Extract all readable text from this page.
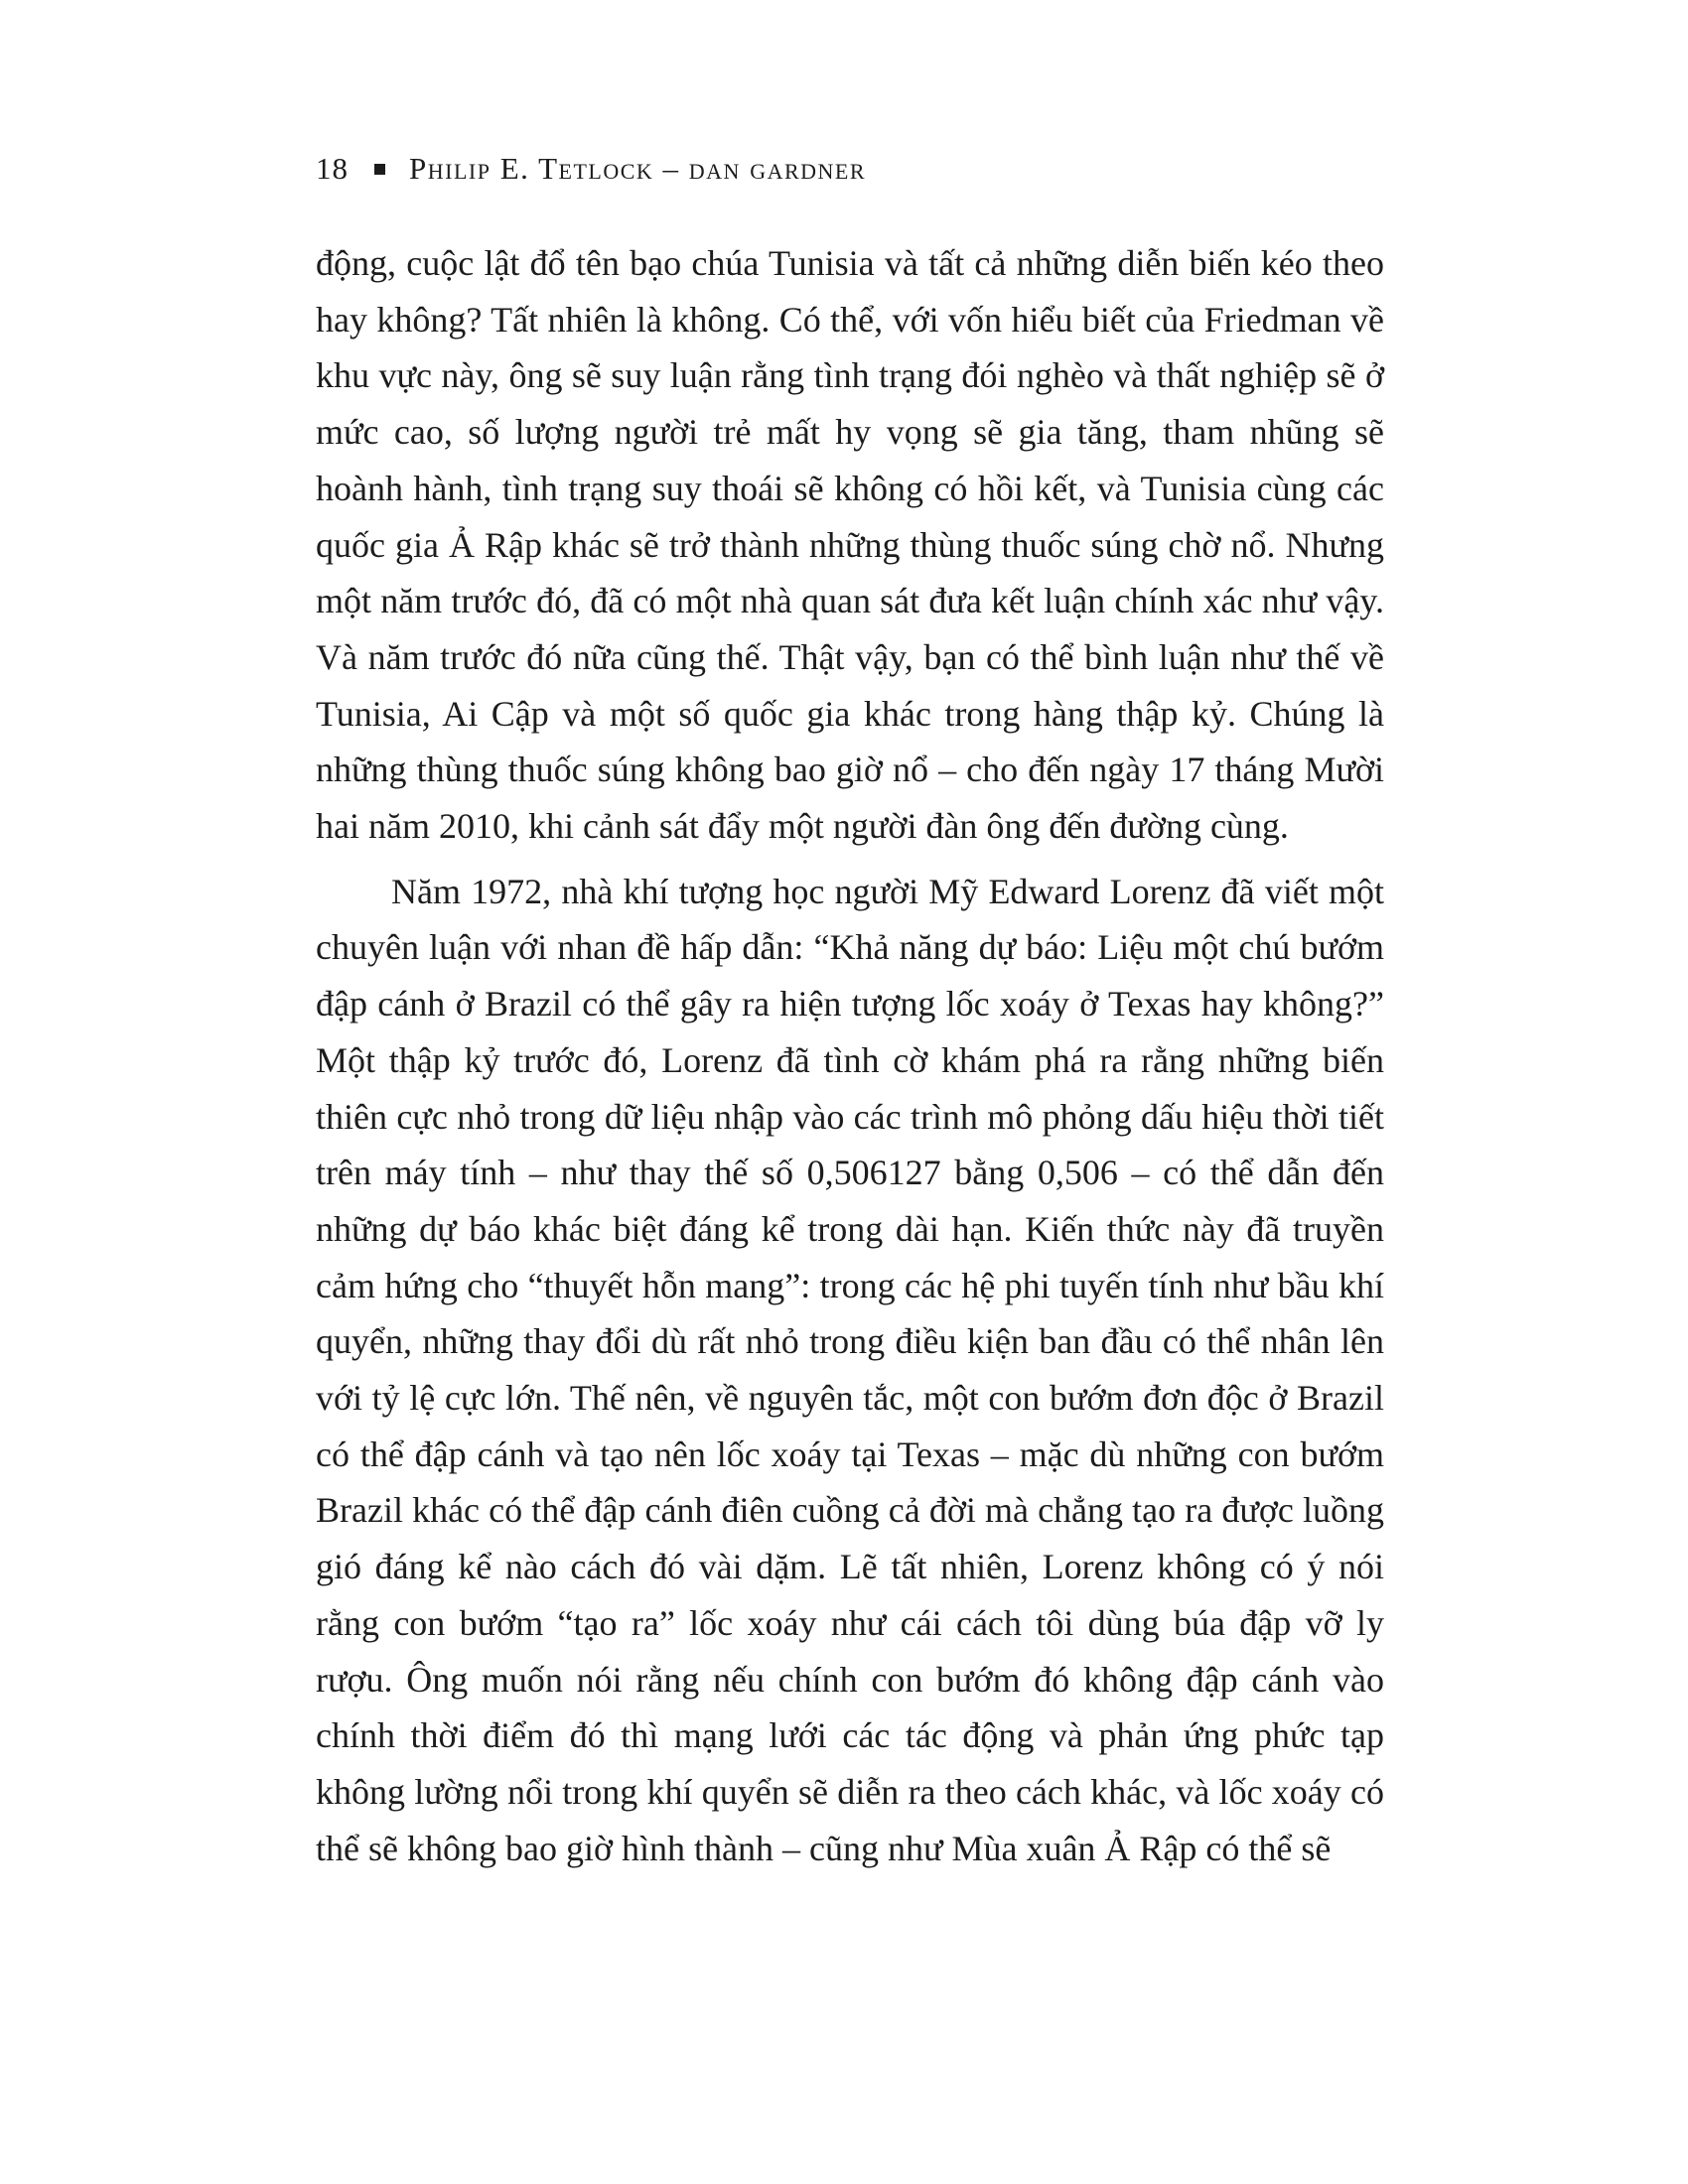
18 Philip E. Tetlock – dan gardner

động, cuộc lật đổ tên bạo chúa Tunisia và tất cả những diễn biến kéo theo hay không? Tất nhiên là không. Có thể, với vốn hiểu biết của Friedman về khu vực này, ông sẽ suy luận rằng tình trạng đói nghèo và thất nghiệp sẽ ở mức cao, số lượng người trẻ mất hy vọng sẽ gia tăng, tham nhũng sẽ hoành hành, tình trạng suy thoái sẽ không có hồi kết, và Tunisia cùng các quốc gia Ả Rập khác sẽ trở thành những thùng thuốc súng chờ nổ. Nhưng một năm trước đó, đã có một nhà quan sát đưa kết luận chính xác như vậy. Và năm trước đó nữa cũng thế. Thật vậy, bạn có thể bình luận như thế về Tunisia, Ai Cập và một số quốc gia khác trong hàng thập kỷ. Chúng là những thùng thuốc súng không bao giờ nổ – cho đến ngày 17 tháng Mười hai năm 2010, khi cảnh sát đẩy một người đàn ông đến đường cùng.

Năm 1972, nhà khí tượng học người Mỹ Edward Lorenz đã viết một chuyên luận với nhan đề hấp dẫn: “Khả năng dự báo: Liệu một chú bướm đập cánh ở Brazil có thể gây ra hiện tượng lốc xoáy ở Texas hay không?” Một thập kỷ trước đó, Lorenz đã tình cờ khám phá ra rằng những biến thiên cực nhỏ trong dữ liệu nhập vào các trình mô phỏng dấu hiệu thời tiết trên máy tính – như thay thế số 0,506127 bằng 0,506 – có thể dẫn đến những dự báo khác biệt đáng kể trong dài hạn. Kiến thức này đã truyền cảm hứng cho “thuyết hỗn mang”: trong các hệ phi tuyến tính như bầu khí quyển, những thay đổi dù rất nhỏ trong điều kiện ban đầu có thể nhân lên với tỷ lệ cực lớn. Thế nên, về nguyên tắc, một con bướm đơn độc ở Brazil có thể đập cánh và tạo nên lốc xoáy tại Texas – mặc dù những con bướm Brazil khác có thể đập cánh điên cuồng cả đời mà chẳng tạo ra được luồng gió đáng kể nào cách đó vài dặm. Lẽ tất nhiên, Lorenz không có ý nói rằng con bướm “tạo ra” lốc xoáy như cái cách tôi dùng búa đập vỡ ly rượu. Ông muốn nói rằng nếu chính con bướm đó không đập cánh vào chính thời điểm đó thì mạng lưới các tác động và phản ứng phức tạp không lường nổi trong khí quyển sẽ diễn ra theo cách khác, và lốc xoáy có thể sẽ không bao giờ hình thành – cũng như Mùa xuân Ả Rập có thể sẽ
